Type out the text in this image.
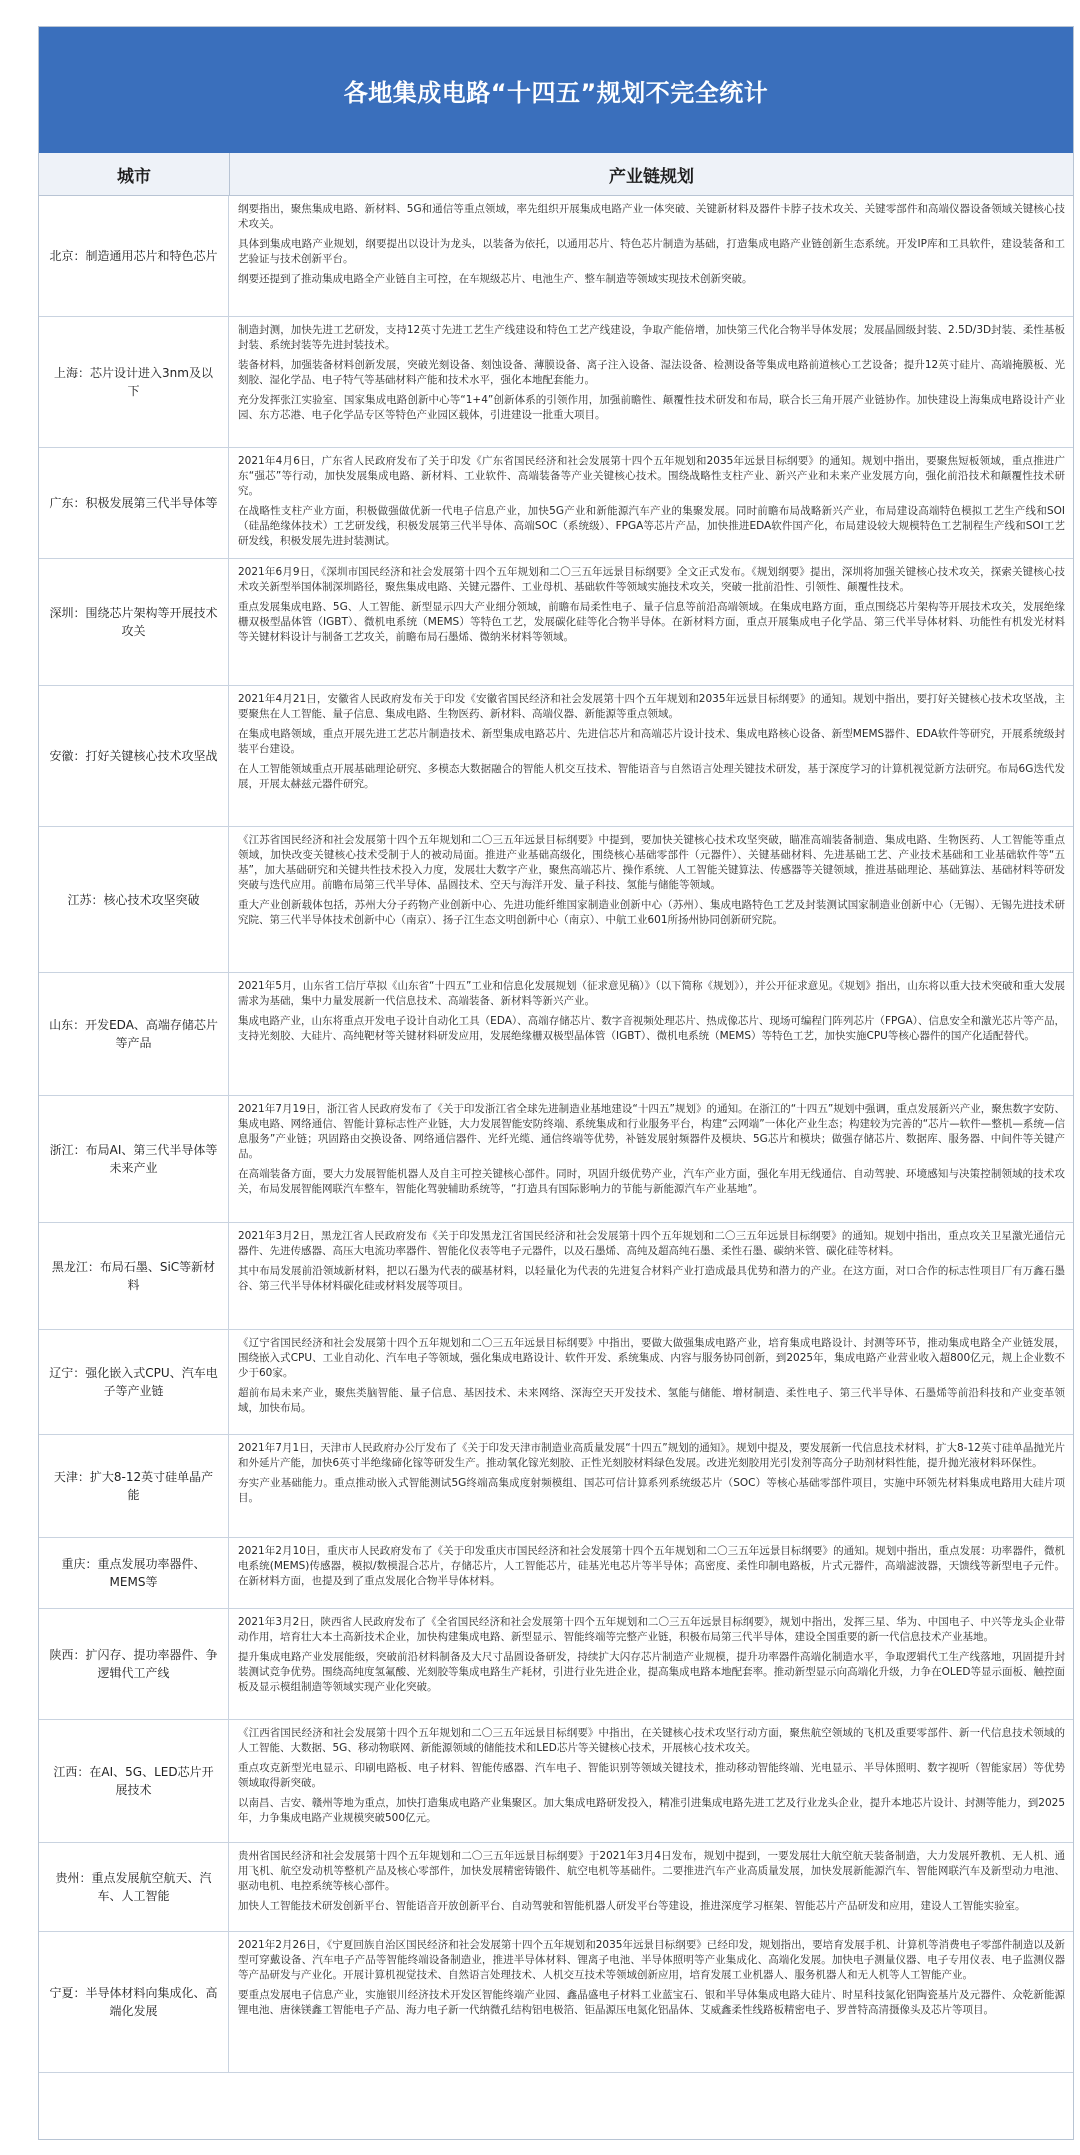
各地集成电路“十四五”规划不完全统计
城市	产业链规划
北京：制造通用芯片和特色芯片

纲要指出，聚焦集成电路、新材料、5G和通信等重点领域，率先组织开展集成电路产业一体突破、关键新材料及器件卡脖子技术攻关、关键零部件和高端仪器设备领域关键核心技术攻关。

具体到集成电路产业规划，纲要提出以设计为龙头，以装备为依托，以通用芯片、特色芯片制造为基础，打造集成电路产业链创新生态系统。开发IP库和工具软件，建设装备和工艺验证与技术创新平台。

纲要还提到了推动集成电路全产业链自主可控，在车规级芯片、电池生产、整车制造等领域实现技术创新突破。

上海：芯片设计进入3nm及以下

制造封测，加快先进工艺研发，支持12英寸先进工艺生产线建设和特色工艺产线建设，争取产能倍增，加快第三代化合物半导体发展；发展晶圆级封装、2.5D/3D封装、柔性基板封装、系统封装等先进封装技术。

装备材料，加强装备材料创新发展，突破光刻设备、刻蚀设备、薄膜设备、离子注入设备、湿法设备、检测设备等集成电路前道核心工艺设备；提升12英寸硅片、高端掩膜板、光刻胶、湿化学品、电子特气等基础材料产能和技术水平，强化本地配套能力。

充分发挥张江实验室、国家集成电路创新中心等“1+4”创新体系的引领作用，加强前瞻性、颠覆性技术研发和布局，联合长三角开展产业链协作。加快建设上海集成电路设计产业园、东方芯港、电子化学品专区等特色产业园区载体，引进建设一批重大项目。

广东：积极发展第三代半导体等

2021年4月6日，广东省人民政府发布了关于印发《广东省国民经济和社会发展第十四个五年规划和2035年远景目标纲要》的通知。规划中指出，要聚焦短板领域，重点推进广东“强芯”等行动，加快发展集成电路、新材料、工业软件、高端装备等产业关键核心技术。围绕战略性支柱产业、新兴产业和未来产业发展方向，强化前沿技术和颠覆性技术研究。

在战略性支柱产业方面，积极做强做优新一代电子信息产业，加快5G产业和新能源汽车产业的集聚发展。同时前瞻布局战略新兴产业，布局建设高端特色模拟工艺生产线和SOI（硅晶绝缘体技术）工艺研发线，积极发展第三代半导体、高端SOC（系统级）、FPGA等芯片产品，加快推进EDA软件国产化，布局建设较大规模特色工艺制程生产线和SOI工艺研发线，积极发展先进封装测试。

深圳：围绕芯片架构等开展技术攻关

2021年6月9日，《深圳市国民经济和社会发展第十四个五年规划和二〇三五年远景目标纲要》全文正式发布。《规划纲要》提出，深圳将加强关键核心技术攻关，探索关键核心技术攻关新型举国体制深圳路径，聚焦集成电路、关键元器件、工业母机、基础软件等领域实施技术攻关，突破一批前沿性、引领性、颠覆性技术。

重点发展集成电路、5G、人工智能、新型显示四大产业细分领域，前瞻布局柔性电子、量子信息等前沿高端领域。在集成电路方面，重点围绕芯片架构等开展技术攻关，发展绝缘栅双极型晶体管（IGBT）、微机电系统（MEMS）等特色工艺，发展碳化硅等化合物半导体。在新材料方面，重点开展集成电子化学品、第三代半导体材料、功能性有机发光材料等关键材料设计与制备工艺攻关，前瞻布局石墨烯、微纳米材料等领域。

安徽：打好关键核心技术攻坚战

2021年4月21日，安徽省人民政府发布关于印发《安徽省国民经济和社会发展第十四个五年规划和2035年远景目标纲要》的通知。规划中指出，要打好关键核心技术攻坚战，主要聚焦在人工智能、量子信息、集成电路、生物医药、新材料、高端仪器、新能源等重点领域。

在集成电路领域，重点开展先进工艺芯片制造技术、新型集成电路芯片、先进信芯片和高端芯片设计技术、集成电路核心设备、新型MEMS器件、EDA软件等研究，开展系统级封装平台建设。

在人工智能领域重点开展基础理论研究、多模态大数据融合的智能人机交互技术、智能语音与自然语言处理关键技术研发，基于深度学习的计算机视觉新方法研究。布局6G迭代发展，开展太赫兹元器件研究。

江苏：核心技术攻坚突破

《江苏省国民经济和社会发展第十四个五年规划和二〇三五年远景目标纲要》中提到，要加快关键核心技术攻坚突破，瞄准高端装备制造、集成电路、生物医药、人工智能等重点领域，加快改变关键核心技术受制于人的被动局面。推进产业基础高级化，围绕核心基础零部件（元器件）、关键基础材料、先进基础工艺、产业技术基础和工业基础软件等“五基”，加大基础研究和关键共性技术投入力度，发展壮大数字产业，聚焦高端芯片、操作系统、人工智能关键算法、传感器等关键领域，推进基础理论、基础算法、基础材料等研发突破与迭代应用。前瞻布局第三代半导体、晶圆技术、空天与海洋开发、量子科技、氢能与储能等领域。

重大产业创新载体包括，苏州大分子药物产业创新中心、先进功能纤维国家制造业创新中心（苏州）、集成电路特色工艺及封装测试国家制造业创新中心（无锡）、无锡先进技术研究院、第三代半导体技术创新中心（南京）、扬子江生态文明创新中心（南京）、中航工业601所扬州协同创新研究院。

山东：开发EDA、高端存储芯片等产品

2021年5月，山东省工信厅草拟《山东省“十四五”工业和信息化发展规划（征求意见稿）》（以下简称《规划》），并公开征求意见。《规划》指出，山东将以重大技术突破和重大发展需求为基础，集中力量发展新一代信息技术、高端装备、新材料等新兴产业。

集成电路产业，山东将重点开发电子设计自动化工具（EDA）、高端存储芯片、数字音视频处理芯片、热成像芯片、现场可编程门阵列芯片（FPGA）、信息安全和激光芯片等产品，支持光刻胶、大硅片、高纯靶材等关键材料研发应用，发展绝缘栅双极型晶体管（IGBT）、微机电系统（MEMS）等特色工艺，加快实施CPU等核心器件的国产化适配替代。

浙江：布局AI、第三代半导体等未来产业

2021年7月19日，浙江省人民政府发布了《关于印发浙江省全球先进制造业基地建设“十四五”规划》的通知。在浙江的“十四五”规划中强调，重点发展新兴产业，聚焦数字安防、集成电路、网络通信、智能计算标志性产业链，大力发展智能安防终端、系统集成和行业服务平台，构建“云网端”一体化产业生态；构建较为完善的“芯片—软件—整机—系统—信息服务”产业链；巩固路由交换设备、网络通信器件、光纤光缆、通信终端等优势，补链发展射频器件及模块、5G芯片和模块；做强存储芯片、数据库、服务器、中间件等关键产品。

在高端装备方面，要大力发展智能机器人及自主可控关键核心部件。同时，巩固升级优势产业，汽车产业方面，强化车用无线通信、自动驾驶、环境感知与决策控制领域的技术攻关，布局发展智能网联汽车整车，智能化驾驶辅助系统等，“打造具有国际影响力的节能与新能源汽车产业基地”。

黑龙江：布局石墨、SiC等新材料

2021年3月2日，黑龙江省人民政府发布《关于印发黑龙江省国民经济和社会发展第十四个五年规划和二〇三五年远景目标纲要》的通知。规划中指出，重点攻关卫星激光通信元器件、先进传感器、高压大电流功率器件、智能化仪表等电子元器件，以及石墨烯、高纯及超高纯石墨、柔性石墨、碳纳米管、碳化硅等材料。

其中布局发展前沿领域新材料，把以石墨为代表的碳基材料，以轻量化为代表的先进复合材料产业打造成最具优势和潜力的产业。在这方面，对口合作的标志性项目厂有万鑫石墨谷、第三代半导体材料碳化硅或材料发展等项目。

辽宁：强化嵌入式CPU、汽车电子等产业链

《辽宁省国民经济和社会发展第十四个五年规划和二〇三五年远景目标纲要》中指出，要做大做强集成电路产业，培育集成电路设计、封测等环节，推动集成电路全产业链发展，围绕嵌入式CPU、工业自动化、汽车电子等领域，强化集成电路设计、软件开发、系统集成、内容与服务协同创新，到2025年，集成电路产业营业收入超800亿元，规上企业数不少于60家。

超前布局未来产业，聚焦类脑智能、量子信息、基因技术、未来网络、深海空天开发技术、氢能与储能、增材制造、柔性电子、第三代半导体、石墨烯等前沿科技和产业变革领域，加快布局。

天津：扩大8-12英寸硅单晶产能

2021年7月1日，天津市人民政府办公厅发布了《关于印发天津市制造业高质量发展“十四五”规划的通知》。规划中提及，要发展新一代信息技术材料，扩大8-12英寸硅单晶抛光片和外延片产能，加快6英寸半绝缘碲化镓等研发生产。推动氧化镓光刻胶、正性光刻胶材料绿色发展。改进光刻胶用光引发剂等高分子助剂材料性能，提升抛光液材料环保性。

夯实产业基础能力。重点推动嵌入式智能测试5G终端高集成度射频模组、国芯可信计算系列系统级芯片（SOC）等核心基础零部件项目，实施中环领先材料集成电路用大硅片项目。

重庆：重点发展功率器件、MEMS等

2021年2月10日，重庆市人民政府发布了《关于印发重庆市国民经济和社会发展第十四个五年规划和二〇三五年远景目标纲要》的通知。规划中指出，重点发展：功率器件，微机电系统(MEMS)传感器，模拟/数模混合芯片，存储芯片，人工智能芯片，硅基光电芯片等半导体；高密度、柔性印制电路板，片式元器件，高端滤波器，天馈线等新型电子元件。在新材料方面，也提及到了重点发展化合物半导体材料。

陕西：扩闪存、提功率器件、争逻辑代工产线

2021年3月2日，陕西省人民政府发布了《全省国民经济和社会发展第十四个五年规划和二〇三五年远景目标纲要》，规划中指出，发挥三星、华为、中国电子、中兴等龙头企业带动作用，培育壮大本土高新技术企业，加快构建集成电路、新型显示、智能终端等完整产业链，积极布局第三代半导体，建设全国重要的新一代信息技术产业基地。

提升集成电路产业发展能级，突破前沿材料制备及大尺寸晶圆设备研发，持续扩大闪存芯片制造产业规模，提升功率器件高端化制造水平，争取逻辑代工生产线落地，巩固提升封装测试竞争优势。围绕高纯度氢氟酸、光刻胶等集成电路生产耗材，引进行业先进企业，提高集成电路本地配套率。推动新型显示向高端化升级，力争在OLED等显示面板、触控面板及显示模组制造等领域实现产业化突破。

江西：在AI、5G、LED芯片开展技术

《江西省国民经济和社会发展第十四个五年规划和二〇三五年远景目标纲要》中指出，在关键核心技术攻坚行动方面，聚焦航空领域的飞机及重要零部件、新一代信息技术领域的人工智能、大数据、5G、移动物联网、新能源领域的储能技术和LED芯片等关键核心技术，开展核心技术攻关。

重点攻克新型光电显示、印刷电路板、电子材料、智能传感器、汽车电子、智能识别等领域关键技术，推动移动智能终端、光电显示、半导体照明、数字视听（智能家居）等优势领域取得新突破。

以南昌、吉安、赣州等地为重点，加快打造集成电路产业集聚区。加大集成电路研发投入，精准引进集成电路先进工艺及行业龙头企业，提升本地芯片设计、封测等能力，到2025年，力争集成电路产业规模突破500亿元。

贵州：重点发展航空航天、汽车、人工智能

贵州省国民经济和社会发展第十四个五年规划和二〇三五年远景目标纲要》于2021年3月4日发布，规划中提到，一要发展壮大航空航天装备制造，大力发展歼教机、无人机、通用飞机、航空发动机等整机产品及核心零部件，加快发展精密铸锻件、航空电机等基础件。二要推进汽车产业高质量发展，加快发展新能源汽车、智能网联汽车及新型动力电池、驱动电机、电控系统等核心部件。

加快人工智能技术研发创新平台、智能语音开放创新平台、自动驾驶和智能机器人研发平台等建设，推进深度学习框架、智能芯片产品研发和应用，建设人工智能实验室。

宁夏：半导体材料向集成化、高端化发展

2021年2月26日，《宁夏回族自治区国民经济和社会发展第十四个五年规划和2035年远景目标纲要》已经印发，规划指出，要培育发展手机、计算机等消费电子零部件制造以及新型可穿戴设备、汽车电子产品等智能终端设备制造业，推进半导体材料、锂离子电池、半导体照明等产业集成化、高端化发展。加快电子测量仪器、电子专用仪表、电子监测仪器等产品研发与产业化。开展计算机视觉技术、自然语言处理技术、人机交互技术等领域创新应用，培育发展工业机器人、服务机器人和无人机等人工智能产业。

要重点发展电子信息产业，实施银川经济技术开发区智能终端产业园、鑫晶盛电子材料工业蓝宝石、银和半导体集成电路大硅片、时星科技氮化铝陶瓷基片及元器件、众乾新能源锂电池、唐徕镁鑫工智能电子产品、海力电子新一代纳微孔结构铝电极箔、钜晶源压电氮化铝晶体、艾威鑫柔性线路板精密电子、罗普特高清摄像头及芯片等项目。
